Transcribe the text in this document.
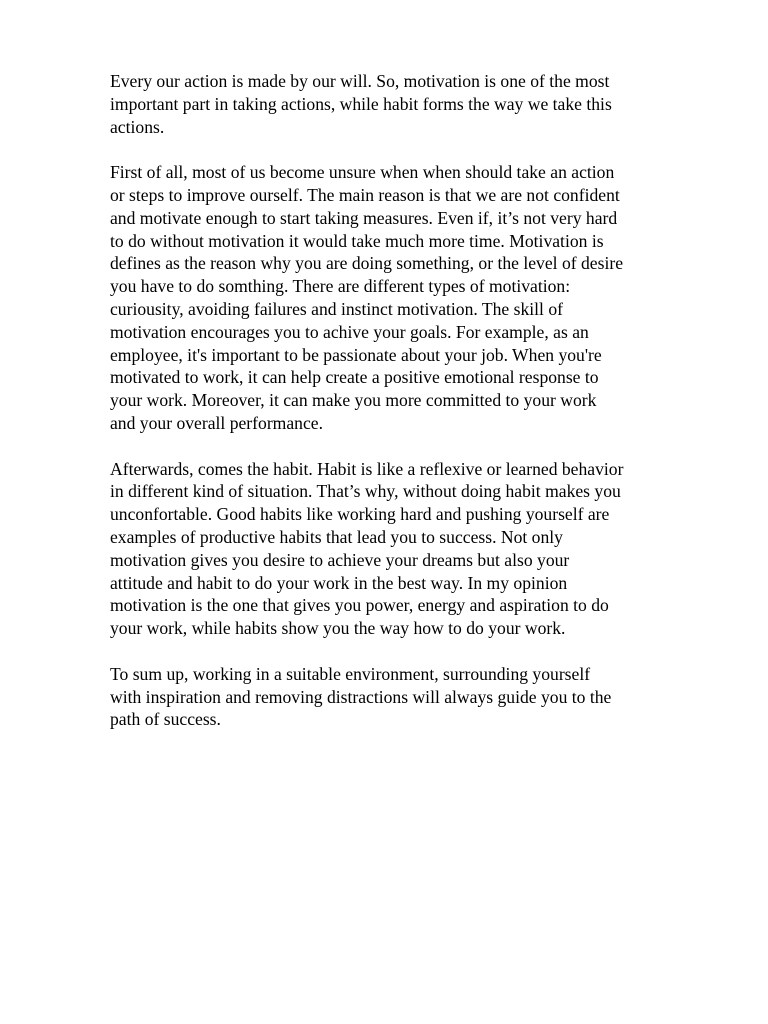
Every our action is made by our will. So, motivation is one of the most
important part in taking actions, while habit forms the way we take this
actions.

First of all, most of us become unsure when when should take an action
or steps to improve ourself. The main reason is that we are not confident
and motivate enough to start taking measures. Even if, it’s not very hard
to do without motivation it would take much more time. Motivation is
defines as the reason why you are doing something, or the level of desire
you have to do somthing. There are different types of motivation:
curiousity, avoiding failures and instinct motivation. The skill of
motivation encourages you to achive your goals. For example, as an
employee, it's important to be passionate about your job. When you're
motivated to work, it can help create a positive emotional response to
your work. Moreover, it can make you more committed to your work
and your overall performance.

Afterwards, comes the habit. Habit is like a reflexive or learned behavior
in different kind of situation. That’s why, without doing habit makes you
unconfortable. Good habits like working hard and pushing yourself are
examples of productive habits that lead you to success. Not only
motivation gives you desire to achieve your dreams but also your
attitude and habit to do your work in the best way. In my opinion
motivation is the one that gives you power, energy and aspiration to do
your work, while habits show you the way how to do your work.

To sum up, working in a suitable environment, surrounding yourself
with inspiration and removing distractions will always guide you to the
path of success.
